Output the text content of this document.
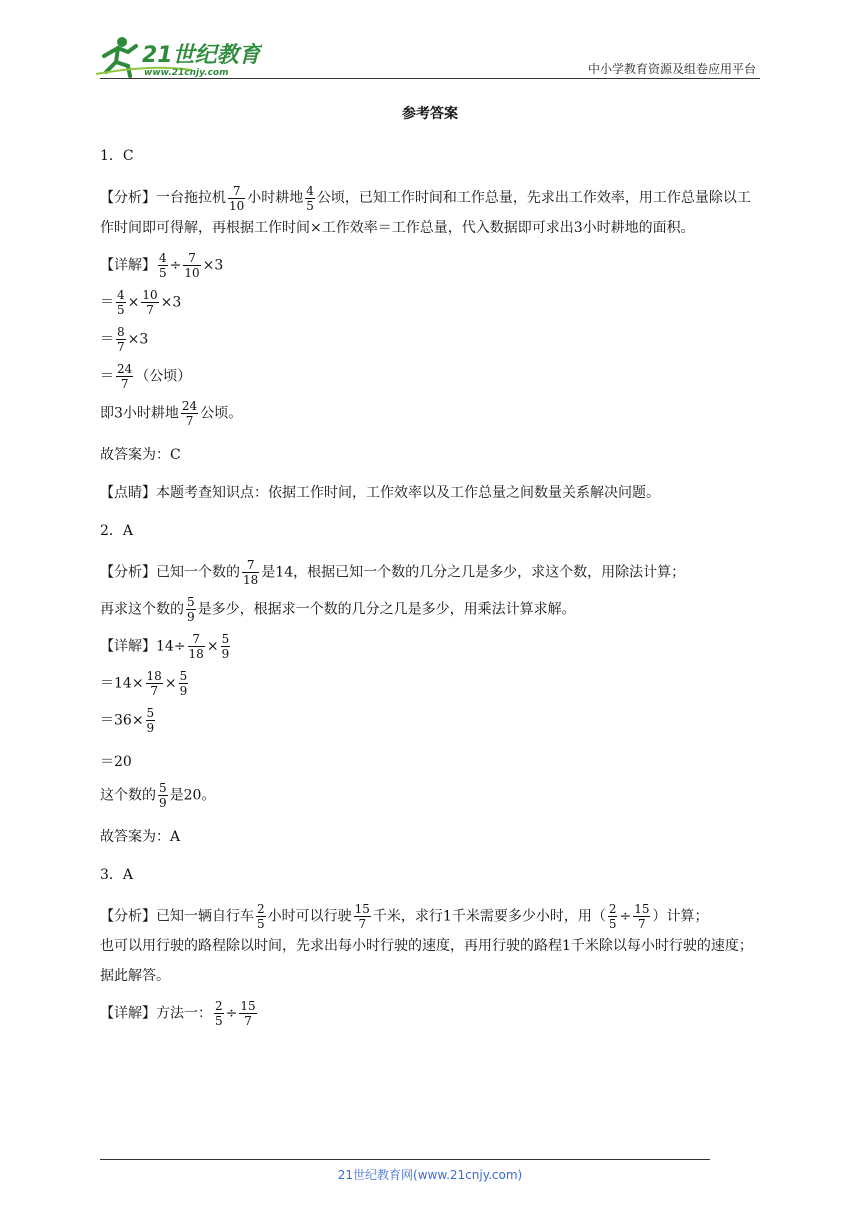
21世纪教育
www.21cnjy.com	中小学教育资源及组卷应用平台
参考答案

1．C

【分析】一台拖拉机 $\frac{7}{10}$ 小时耕地 $\frac{4}{5}$ 公顷，已知工作时间和工作总量，先求出工作效率，用工作总量除以工作时间即可得解，再根据工作时间×工作效率＝工作总量，代入数据即可求出3小时耕地的面积。

【详解】 $\frac{4}{5} \div \frac{7}{10} \times 3$

＝ $\frac{4}{5} \times \frac{10}{7} \times 3$

＝ $\frac{8}{7} \times 3$

＝ $\frac{24}{7}$ （公顷）

即3小时耕地 $\frac{24}{7}$ 公顷。

故答案为：C

【点睛】本题考查知识点：依据工作时间，工作效率以及工作总量之间数量关系解决问题。

2．A

【分析】已知一个数的 $\frac{7}{18}$ 是14，根据已知一个数的几分之几是多少，求这个数，用除法计算；

再求这个数的 $\frac{5}{9}$ 是多少，根据求一个数的几分之几是多少，用乘法计算求解。

【详解】$14\div \frac{7}{18} \times \frac{5}{9}$

$=14\times \frac{18}{7} \times \frac{5}{9}$

$=36\times \frac{5}{9}$

＝20

这个数的 $\frac{5}{9}$ 是20。

故答案为：A

3．A

【分析】已知一辆自行车 $\frac{2}{5}$ 小时可以行驶 $\frac{15}{7}$ 千米，求行1千米需要多少小时，用（ $\frac{2}{5} \div \frac{15}{7}$ ）计算；

也可以用行驶的路程除以时间，先求出每小时行驶的速度，再用行驶的路程1千米除以每小时行驶的速度；据此解答。

【详解】方法一： $\frac{2}{5} \div \frac{15}{7}$

21世纪教育网(www.21cnjy.com)
